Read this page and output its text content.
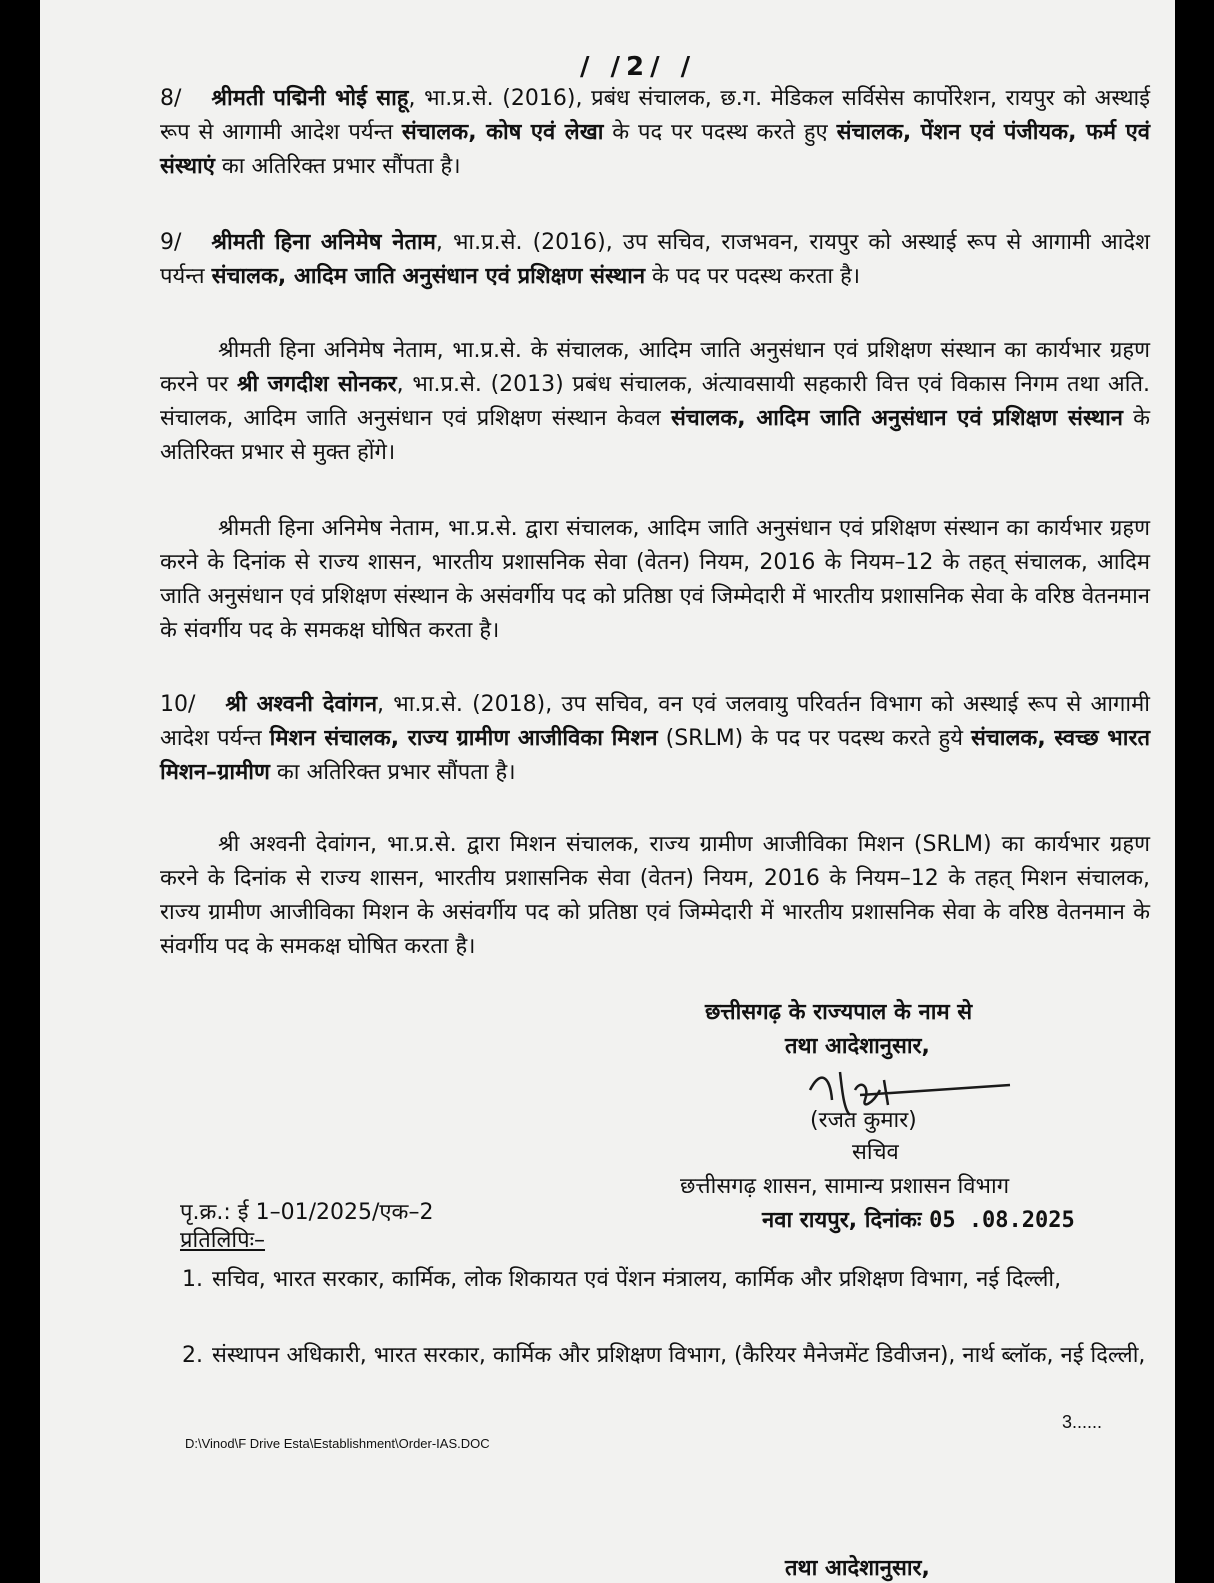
/ /2/ /
8/ श्रीमती पद्मिनी भोई साहू, भा.प्र.से. (2016), प्रबंध संचालक, छ.ग. मेडिकल सर्विसेस कार्पोरेशन, रायपुर को अस्थाई रूप से आगामी आदेश पर्यन्त संचालक, कोष एवं लेखा के पद पर पदस्थ करते हुए संचालक, पेंशन एवं पंजीयक, फर्म एवं संस्थाएं का अतिरिक्त प्रभार सौंपता है।
9/ श्रीमती हिना अनिमेष नेताम, भा.प्र.से. (2016), उप सचिव, राजभवन, रायपुर को अस्थाई रूप से आगामी आदेश पर्यन्त संचालक, आदिम जाति अनुसंधान एवं प्रशिक्षण संस्थान के पद पर पदस्थ करता है।
श्रीमती हिना अनिमेष नेताम, भा.प्र.से. के संचालक, आदिम जाति अनुसंधान एवं प्रशिक्षण संस्थान का कार्यभार ग्रहण करने पर श्री जगदीश सोनकर, भा.प्र.से. (2013) प्रबंध संचालक, अंत्यावसायी सहकारी वित्त एवं विकास निगम तथा अति. संचालक, आदिम जाति अनुसंधान एवं प्रशिक्षण संस्थान केवल संचालक, आदिम जाति अनुसंधान एवं प्रशिक्षण संस्थान के अतिरिक्त प्रभार से मुक्त होंगे।
श्रीमती हिना अनिमेष नेताम, भा.प्र.से. द्वारा संचालक, आदिम जाति अनुसंधान एवं प्रशिक्षण संस्थान का कार्यभार ग्रहण करने के दिनांक से राज्य शासन, भारतीय प्रशासनिक सेवा (वेतन) नियम, 2016 के नियम–12 के तहत् संचालक, आदिम जाति अनुसंधान एवं प्रशिक्षण संस्थान के असंवर्गीय पद को प्रतिष्ठा एवं जिम्मेदारी में भारतीय प्रशासनिक सेवा के वरिष्ठ वेतनमान के संवर्गीय पद के समकक्ष घोषित करता है।
10/ श्री अश्वनी देवांगन, भा.प्र.से. (2018), उप सचिव, वन एवं जलवायु परिवर्तन विभाग को अस्थाई रूप से आगामी आदेश पर्यन्त मिशन संचालक, राज्य ग्रामीण आजीविका मिशन (SRLM) के पद पर पदस्थ करते हुये संचालक, स्वच्छ भारत मिशन–ग्रामीण का अतिरिक्त प्रभार सौंपता है।
श्री अश्वनी देवांगन, भा.प्र.से. द्वारा मिशन संचालक, राज्य ग्रामीण आजीविका मिशन (SRLM) का कार्यभार ग्रहण करने के दिनांक से राज्य शासन, भारतीय प्रशासनिक सेवा (वेतन) नियम, 2016 के नियम–12 के तहत् मिशन संचालक, राज्य ग्रामीण आजीविका मिशन के असंवर्गीय पद को प्रतिष्ठा एवं जिम्मेदारी में भारतीय प्रशासनिक सेवा के वरिष्ठ वेतनमान के संवर्गीय पद के समकक्ष घोषित करता है।
छत्तीसगढ़ के राज्यपाल के नाम से
तथा आदेशानुसार,
(रजत कुमार)
सचिव
छत्तीसगढ़ शासन, सामान्य प्रशासन विभाग
नवा रायपुर, दिनांकः 05 .08.2025
पृ.क्र.: ई 1–01/2025/एक–2
प्रतिलिपिः–
1. सचिव, भारत सरकार, कार्मिक, लोक शिकायत एवं पेंशन मंत्रालय, कार्मिक और प्रशिक्षण विभाग, नई दिल्ली,
2. संस्थापन अधिकारी, भारत सरकार, कार्मिक और प्रशिक्षण विभाग, (कैरियर मैनेजमेंट डिवीजन), नार्थ ब्लॉक, नई दिल्ली,
3......
D:\Vinod\F Drive Esta\Establishment\Order-IAS.DOC
तथा आदेशानुसार,
